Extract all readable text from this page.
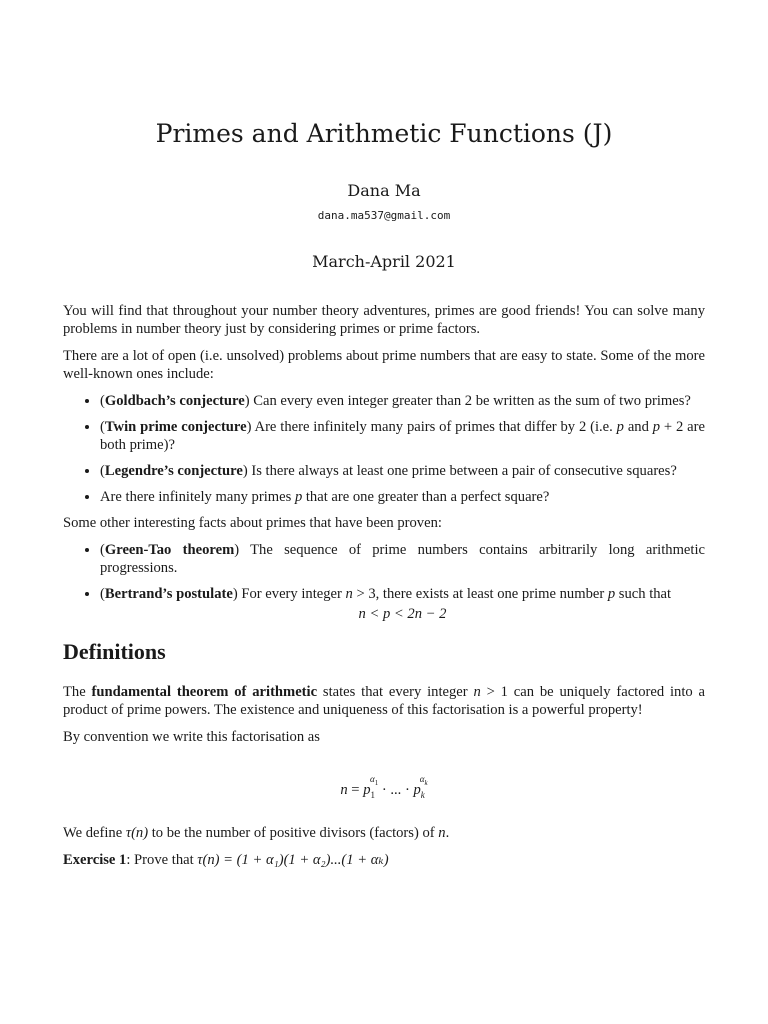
Primes and Arithmetic Functions (J)
Dana Ma
dana.ma537@gmail.com
March-April 2021

You will find that throughout your number theory adventures, primes are good friends! You can solve many problems in number theory just by considering primes or prime factors.

There are a lot of open (i.e. unsolved) problems about prime numbers that are easy to state. Some of the more well-known ones include:

• (Goldbach’s conjecture) Can every even integer greater than 2 be written as the sum of two primes?
• (Twin prime conjecture) Are there infinitely many pairs of primes that differ by 2 (i.e. p and p + 2 are both prime)?
• (Legendre’s conjecture) Is there always at least one prime between a pair of consecutive squares?
• Are there infinitely many primes p that are one greater than a perfect square?

Some other interesting facts about primes that have been proven:

• (Green-Tao theorem) The sequence of prime numbers contains arbitrarily long arithmetic progressions.
• (Bertrand’s postulate) For every integer n > 3, there exists at least one prime number p such that
n < p < 2n − 2
Definitions

The fundamental theorem of arithmetic states that every integer n > 1 can be uniquely factored into a product of prime powers. The existence and uniqueness of this factorisation is a powerful property!

By convention we write this factorisation as

$n = p_1^{\alpha_1}$ · ... · $p_k^{\alpha_k}$

We define τ(n) to be the number of positive divisors (factors) of n.

Exercise 1: Prove that τ(n) = (1 + α₁)(1 + α₂)...(1 + αₖ)
